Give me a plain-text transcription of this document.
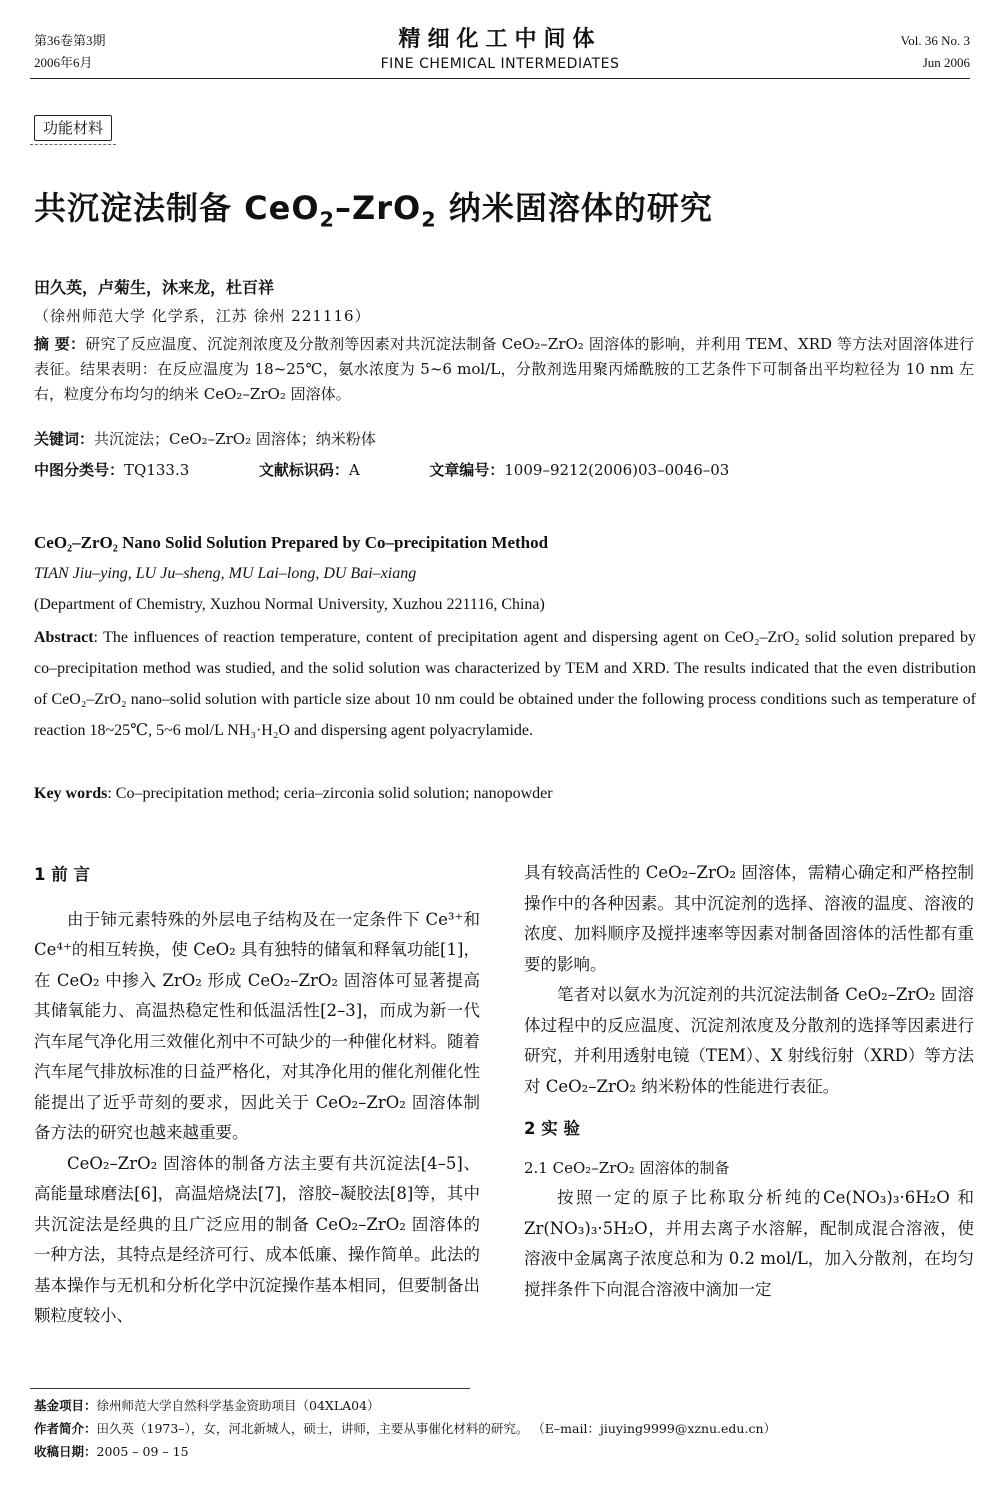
第36卷第3期
2006年6月
精细化工中间体
FINE CHEMICAL INTERMEDIATES
Vol. 36 No. 3
Jun 2006
功能材料
共沉淀法制备 CeO$_2$–ZrO$_2$ 纳米固溶体的研究
田久英，卢菊生，沐来龙，杜百祥
（徐州师范大学 化学系，江苏 徐州 221116）
摘 要：研究了反应温度、沉淀剂浓度及分散剂等因素对共沉淀法制备 CeO₂–ZrO₂ 固溶体的影响，并利用 TEM、XRD 等方法对固溶体进行表征。结果表明：在反应温度为 18~25℃，氨水浓度为 5~6 mol/L，分散剂选用聚丙烯酰胺的工艺条件下可制备出平均粒径为 10 nm 左右，粒度分布均匀的纳米 CeO₂–ZrO₂ 固溶体。
关键词：共沉淀法；CeO₂–ZrO₂ 固溶体；纳米粉体
中图分类号：TQ133.3	文献标识码：A	文章编号：1009–9212(2006)03–0046–03
CeO₂–ZrO₂ Nano Solid Solution Prepared by Co–precipitation Method
TIAN Jiu–ying, LU Ju–sheng, MU Lai–long, DU Bai–xiang
(Department of Chemistry, Xuzhou Normal University, Xuzhou 221116, China)
Abstract: The influences of reaction temperature, content of precipitation agent and dispersing agent on CeO₂–ZrO₂ solid solution prepared by co–precipitation method was studied, and the solid solution was characterized by TEM and XRD. The results indicated that the even distribution of CeO₂–ZrO₂ nano–solid solution with particle size about 10 nm could be obtained under the following process conditions such as temperature of reaction 18~25℃, 5~6 mol/L NH₃·H₂O and dispersing agent polyacrylamide.
Key words: Co–precipitation method; ceria–zirconia solid solution; nanopowder
1 前 言

由于铈元素特殊的外层电子结构及在一定条件下 Ce³⁺和 Ce⁴⁺的相互转换，使 CeO₂ 具有独特的储氧和释氧功能[1]，在 CeO₂ 中掺入 ZrO₂ 形成 CeO₂–ZrO₂ 固溶体可显著提高其储氧能力、高温热稳定性和低温活性[2–3]，而成为新一代汽车尾气净化用三效催化剂中不可缺少的一种催化材料。随着汽车尾气排放标准的日益严格化，对其净化用的催化剂催化性能提出了近乎苛刻的要求，因此关于 CeO₂–ZrO₂ 固溶体制备方法的研究也越来越重要。

CeO₂–ZrO₂ 固溶体的制备方法主要有共沉淀法[4–5]、高能量球磨法[6]，高温焙烧法[7]，溶胶–凝胶法[8]等，其中共沉淀法是经典的且广泛应用的制备 CeO₂–ZrO₂ 固溶体的一种方法，其特点是经济可行、成本低廉、操作简单。此法的基本操作与无机和分析化学中沉淀操作基本相同，但要制备出颗粒度较小、

具有较高活性的 CeO₂–ZrO₂ 固溶体，需精心确定和严格控制操作中的各种因素。其中沉淀剂的选择、溶液的温度、溶液的浓度、加料顺序及搅拌速率等因素对制备固溶体的活性都有重要的影响。

笔者对以氨水为沉淀剂的共沉淀法制备 CeO₂–ZrO₂ 固溶体过程中的反应温度、沉淀剂浓度及分散剂的选择等因素进行研究，并利用透射电镜（TEM）、X 射线衍射（XRD）等方法对 CeO₂–ZrO₂ 纳米粉体的性能进行表征。

2 实 验
2.1 CeO₂–ZrO₂ 固溶体的制备

按照一定的原子比称取分析纯的Ce(NO₃)₃·6H₂O 和 Zr(NO₃)₃·5H₂O，并用去离子水溶解，配制成混合溶液，使溶液中金属离子浓度总和为 0.2 mol/L，加入分散剂，在均匀搅拌条件下向混合溶液中滴加一定

基金项目：徐州师范大学自然科学基金资助项目（04XLA04）
作者简介：田久英（1973–），女，河北新城人，硕士，讲师，主要从事催化材料的研究。 （E–mail：jiuying9999@xznu.edu.cn）
收稿日期：2005 – 09 – 15
